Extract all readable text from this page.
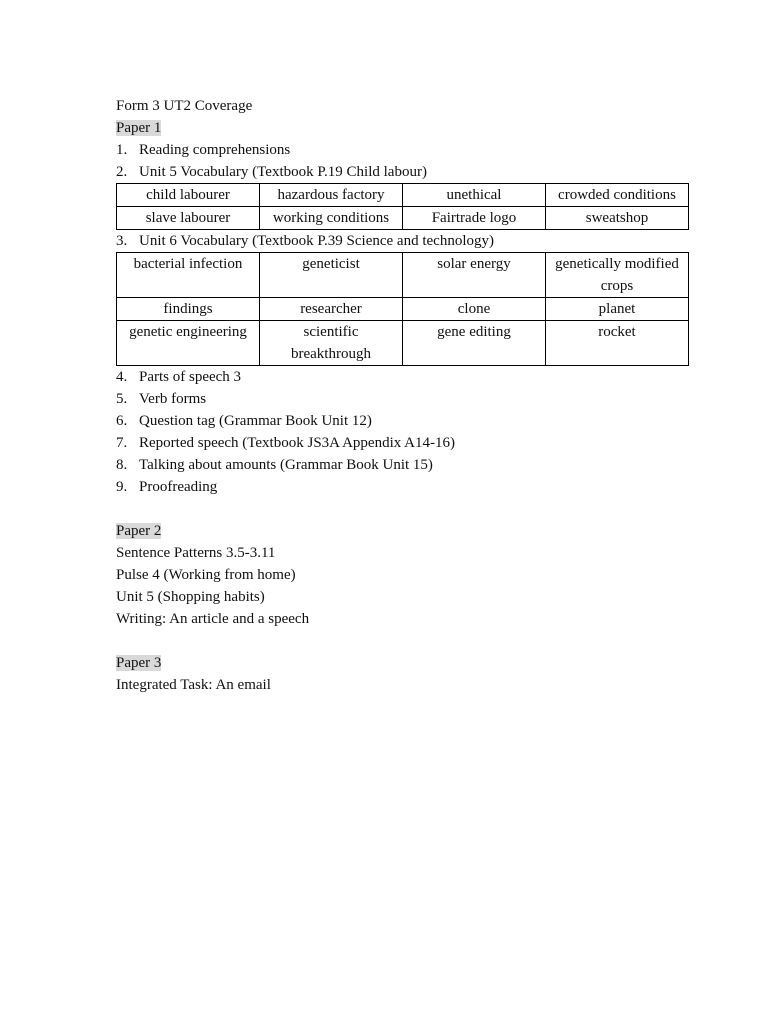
Form 3 UT2 Coverage
Paper 1
1. Reading comprehensions
2. Unit 5 Vocabulary (Textbook P.19 Child labour)
child labourer	hazardous factory	unethical	crowded conditions
slave labourer	working conditions	Fairtrade logo	sweatshop
3. Unit 6 Vocabulary (Textbook P.39 Science and technology)
bacterial infection	geneticist	solar energy	genetically modified crops
findings	researcher	clone	planet
genetic engineering	scientific breakthrough	gene editing	rocket
4. Parts of speech 3
5. Verb forms
6. Question tag (Grammar Book Unit 12)
7. Reported speech (Textbook JS3A Appendix A14-16)
8. Talking about amounts (Grammar Book Unit 15)
9. Proofreading
Paper 2
Sentence Patterns 3.5-3.11
Pulse 4 (Working from home)
Unit 5 (Shopping habits)
Writing: An article and a speech
Paper 3
Integrated Task: An email
